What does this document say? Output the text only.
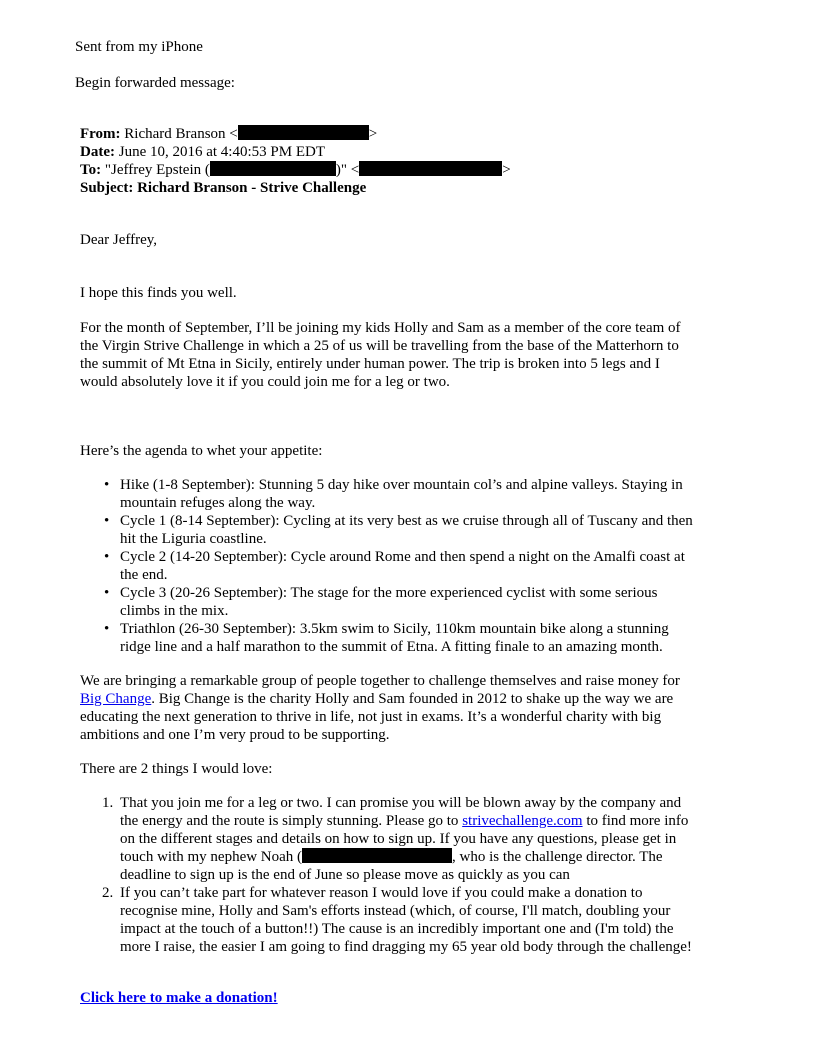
Sent from my iPhone
Begin forwarded message:
From: Richard Branson <	>
Date: June 10, 2016 at 4:40:53 PM EDT
To: "Jeffrey Epstein (	)" <	>
Subject: Richard Branson - Strive Challenge
Dear Jeffrey,
I hope this finds you well.
For the month of September, I’ll be joining my kids Holly and Sam as a member of the core team of
the Virgin Strive Challenge in which a 25 of us will be travelling from the base of the Matterhorn to
the summit of Mt Etna in Sicily, entirely under human power. The trip is broken into 5 legs and I
would absolutely love it if you could join me for a leg or two.
Here’s the agenda to whet your appetite:
• Hike (1-8 September): Stunning 5 day hike over mountain col’s and alpine valleys. Staying in
mountain refuges along the way.
• Cycle 1 (8-14 September): Cycling at its very best as we cruise through all of Tuscany and then
hit the Liguria coastline.
• Cycle 2 (14-20 September): Cycle around Rome and then spend a night on the Amalfi coast at
the end.
• Cycle 3 (20-26 September): The stage for the more experienced cyclist with some serious
climbs in the mix.
• Triathlon (26-30 September): 3.5km swim to Sicily, 110km mountain bike along a stunning
ridge line and a half marathon to the summit of Etna. A fitting finale to an amazing month.
We are bringing a remarkable group of people together to challenge themselves and raise money for
Big Change. Big Change is the charity Holly and Sam founded in 2012 to shake up the way we are
educating the next generation to thrive in life, not just in exams. It’s a wonderful charity with big
ambitions and one I’m very proud to be supporting.
There are 2 things I would love:
1. That you join me for a leg or two. I can promise you will be blown away by the company and
the energy and the route is simply stunning. Please go to strivechallenge.com to find more info
on the different stages and details on how to sign up. If you have any questions, please get in
touch with my nephew Noah (	, who is the challenge director. The
deadline to sign up is the end of June so please move as quickly as you can
2. If you can’t take part for whatever reason I would love if you could make a donation to
recognise mine, Holly and Sam's efforts instead (which, of course, I'll match, doubling your
impact at the touch of a button!!) The cause is an incredibly important one and (I'm told) the
more I raise, the easier I am going to find dragging my 65 year old body through the challenge!
Click here to make a donation!
